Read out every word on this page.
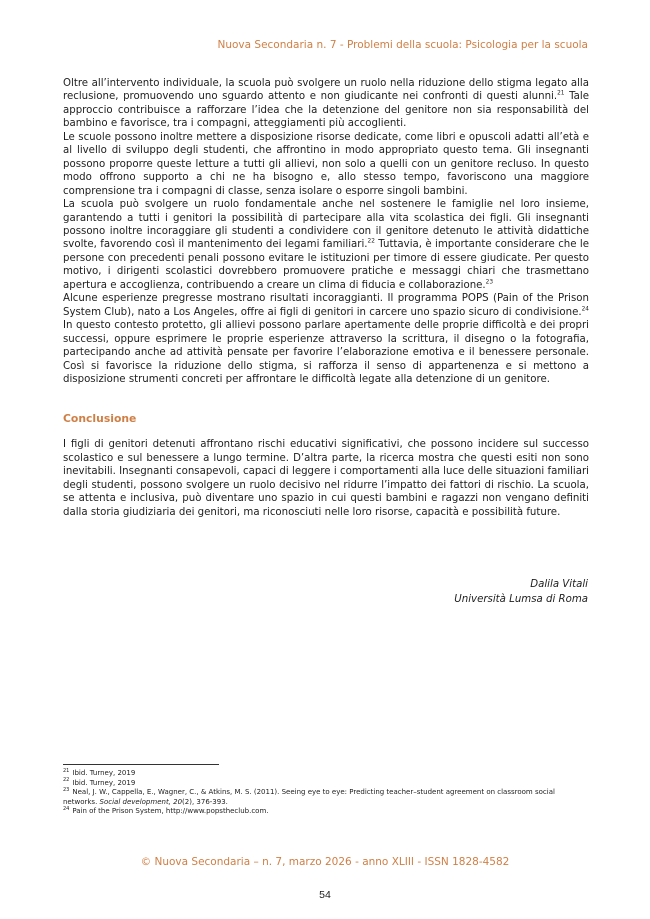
Nuova Secondaria n. 7 - Problemi della scuola: Psicologia per la scuola

Oltre all’intervento individuale, la scuola può svolgere un ruolo nella riduzione dello stigma legato alla reclusione, promuovendo uno sguardo attento e non giudicante nei confronti di questi alunni.$^{21}$ Tale approccio contribuisce a rafforzare l’idea che la detenzione del genitore non sia responsabilità del bambino e favorisce, tra i compagni, atteggiamenti più accoglienti.

Le scuole possono inoltre mettere a disposizione risorse dedicate, come libri e opuscoli adatti all’età e al livello di sviluppo degli studenti, che affrontino in modo appropriato questo tema. Gli insegnanti possono proporre queste letture a tutti gli allievi, non solo a quelli con un genitore recluso. In questo modo offrono supporto a chi ne ha bisogno e, allo stesso tempo, favoriscono una maggiore comprensione tra i compagni di classe, senza isolare o esporre singoli bambini.

La scuola può svolgere un ruolo fondamentale anche nel sostenere le famiglie nel loro insieme, garantendo a tutti i genitori la possibilità di partecipare alla vita scolastica dei figli. Gli insegnanti possono inoltre incoraggiare gli studenti a condividere con il genitore detenuto le attività didattiche svolte, favorendo così il mantenimento dei legami familiari.$^{22}$ Tuttavia, è importante considerare che le persone con precedenti penali possono evitare le istituzioni per timore di essere giudicate. Per questo motivo, i dirigenti scolastici dovrebbero promuovere pratiche e messaggi chiari che trasmettano apertura e accoglienza, contribuendo a creare un clima di fiducia e collaborazione.$^{23}$

Alcune esperienze pregresse mostrano risultati incoraggianti. Il programma POPS (Pain of the Prison System Club), nato a Los Angeles, offre ai figli di genitori in carcere uno spazio sicuro di condivisione.$^{24}$ In questo contesto protetto, gli allievi possono parlare apertamente delle proprie difficoltà e dei propri successi, oppure esprimere le proprie esperienze attraverso la scrittura, il disegno o la fotografia, partecipando anche ad attività pensate per favorire l’elaborazione emotiva e il benessere personale. Così si favorisce la riduzione dello stigma, si rafforza il senso di appartenenza e si mettono a disposizione strumenti concreti per affrontare le difficoltà legate alla detenzione di un genitore.

Conclusione

I figli di genitori detenuti affrontano rischi educativi significativi, che possono incidere sul successo scolastico e sul benessere a lungo termine. D’altra parte, la ricerca mostra che questi esiti non sono inevitabili. Insegnanti consapevoli, capaci di leggere i comportamenti alla luce delle situazioni familiari degli studenti, possono svolgere un ruolo decisivo nel ridurre l’impatto dei fattori di rischio. La scuola, se attenta e inclusiva, può diventare uno spazio in cui questi bambini e ragazzi non vengano definiti dalla storia giudiziaria dei genitori, ma riconosciuti nelle loro risorse, capacità e possibilità future.

Dalila Vitali
Università Lumsa di Roma

$^{21}$ Ibid. Turney, 2019

$^{22}$ Ibid. Turney, 2019

$^{23}$ Neal, J. W., Cappella, E., Wagner, C., & Atkins, M. S. (2011). Seeing eye to eye: Predicting teacher–student agreement on classroom social networks. Social development, 20(2), 376-393.

$^{24}$ Pain of the Prison System, http://www.popstheclub.com.

© Nuova Secondaria – n. 7, marzo 2026 - anno XLIII - ISSN 1828-4582
54
